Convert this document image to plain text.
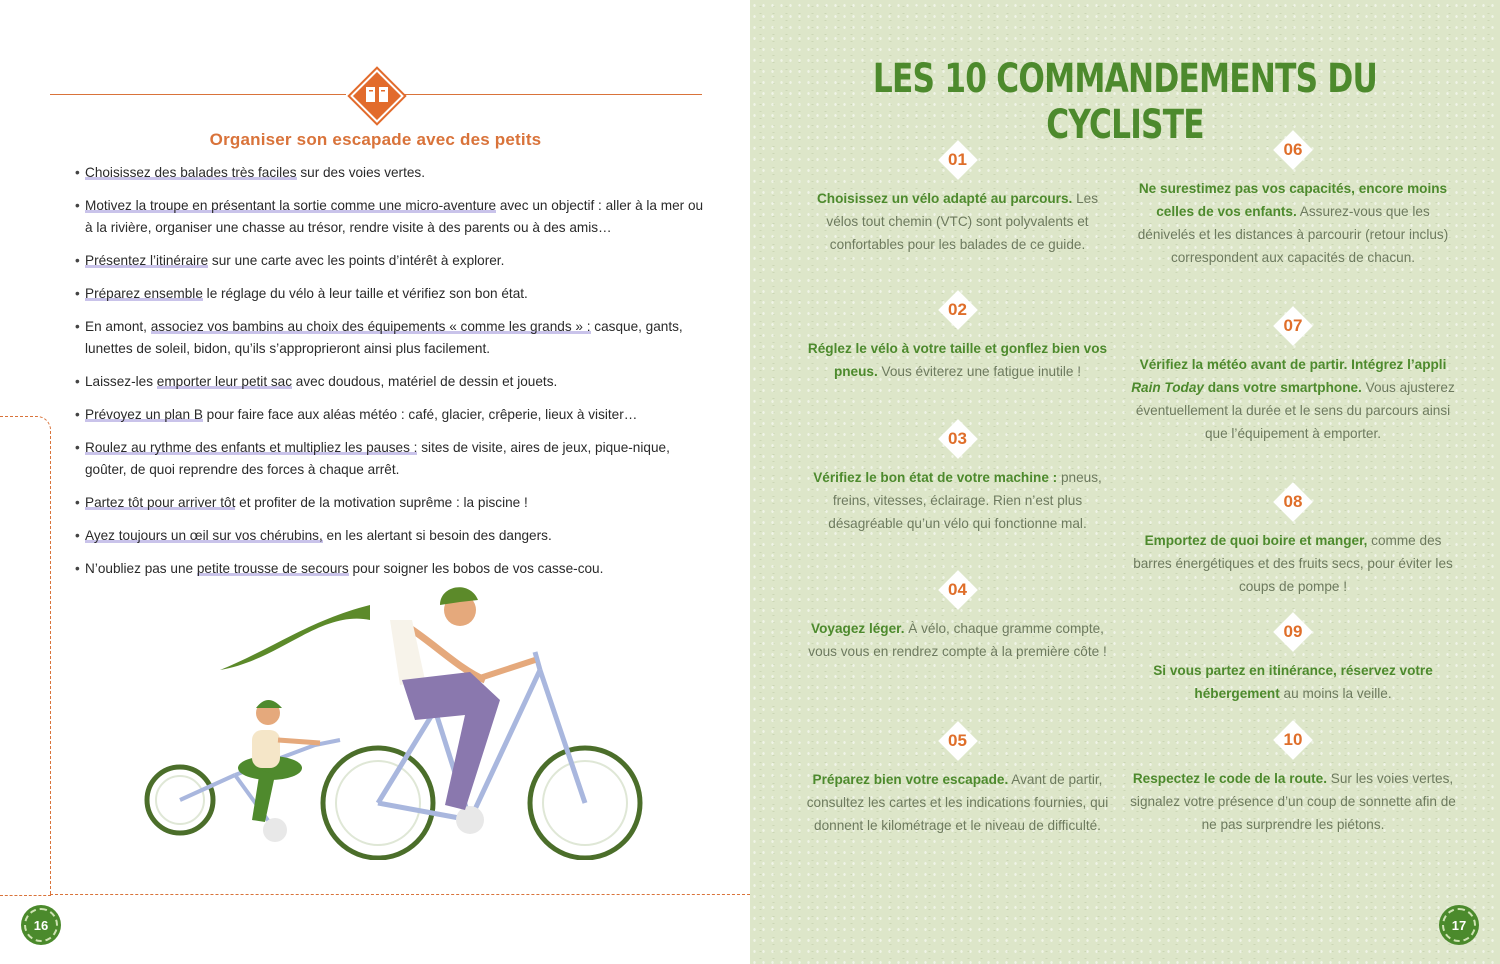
Organiser son escapade avec des petits
• Choisissez des balades très faciles sur des voies vertes.
• Motivez la troupe en présentant la sortie comme une micro-aventure avec un objectif : aller à la mer ou à la rivière, organiser une chasse au trésor, rendre visite à des parents ou à des amis…
• Présentez l’itinéraire sur une carte avec les points d’intérêt à explorer.
• Préparez ensemble le réglage du vélo à leur taille et vérifiez son bon état.
• En amont, associez vos bambins au choix des équipements « comme les grands » : casque, gants, lunettes de soleil, bidon, qu’ils s’approprieront ainsi plus facilement.
• Laissez-les emporter leur petit sac avec doudous, matériel de dessin et jouets.
• Prévoyez un plan B pour faire face aux aléas météo : café, glacier, crêperie, lieux à visiter…
• Roulez au rythme des enfants et multipliez les pauses : sites de visite, aires de jeux, pique-nique, goûter, de quoi reprendre des forces à chaque arrêt.
• Partez tôt pour arriver tôt et profiter de la motivation suprême : la piscine !
• Ayez toujours un œil sur vos chérubins, en les alertant si besoin des dangers.
• N’oubliez pas une petite trousse de secours pour soigner les bobos de vos casse-cou.
16
LES 10 COMMANDEMENTS DU CYCLISTE
01
Choisissez un vélo adapté au parcours. Les vélos tout chemin (VTC) sont polyvalents et confortables pour les balades de ce guide.
02
Réglez le vélo à votre taille et gonflez bien vos pneus. Vous éviterez une fatigue inutile !
03
Vérifiez le bon état de votre machine : pneus, freins, vitesses, éclairage. Rien n’est plus désagréable qu’un vélo qui fonctionne mal.
04
Voyagez léger. À vélo, chaque gramme compte, vous vous en rendrez compte à la première côte !
05
Préparez bien votre escapade. Avant de partir, consultez les cartes et les indications fournies, qui donnent le kilométrage et le niveau de difficulté.
06
Ne surestimez pas vos capacités, encore moins celles de vos enfants. Assurez-vous que les dénivelés et les distances à parcourir (retour inclus) correspondent aux capacités de chacun.
07
Vérifiez la météo avant de partir. Intégrez l’appli Rain Today dans votre smartphone. Vous ajusterez éventuellement la durée et le sens du parcours ainsi que l’équipement à emporter.
08
Emportez de quoi boire et manger, comme des barres énergétiques et des fruits secs, pour éviter les coups de pompe !
09
Si vous partez en itinérance, réservez votre hébergement au moins la veille.
10
Respectez le code de la route. Sur les voies vertes, signalez votre présence d’un coup de sonnette afin de ne pas surprendre les piétons.
17
